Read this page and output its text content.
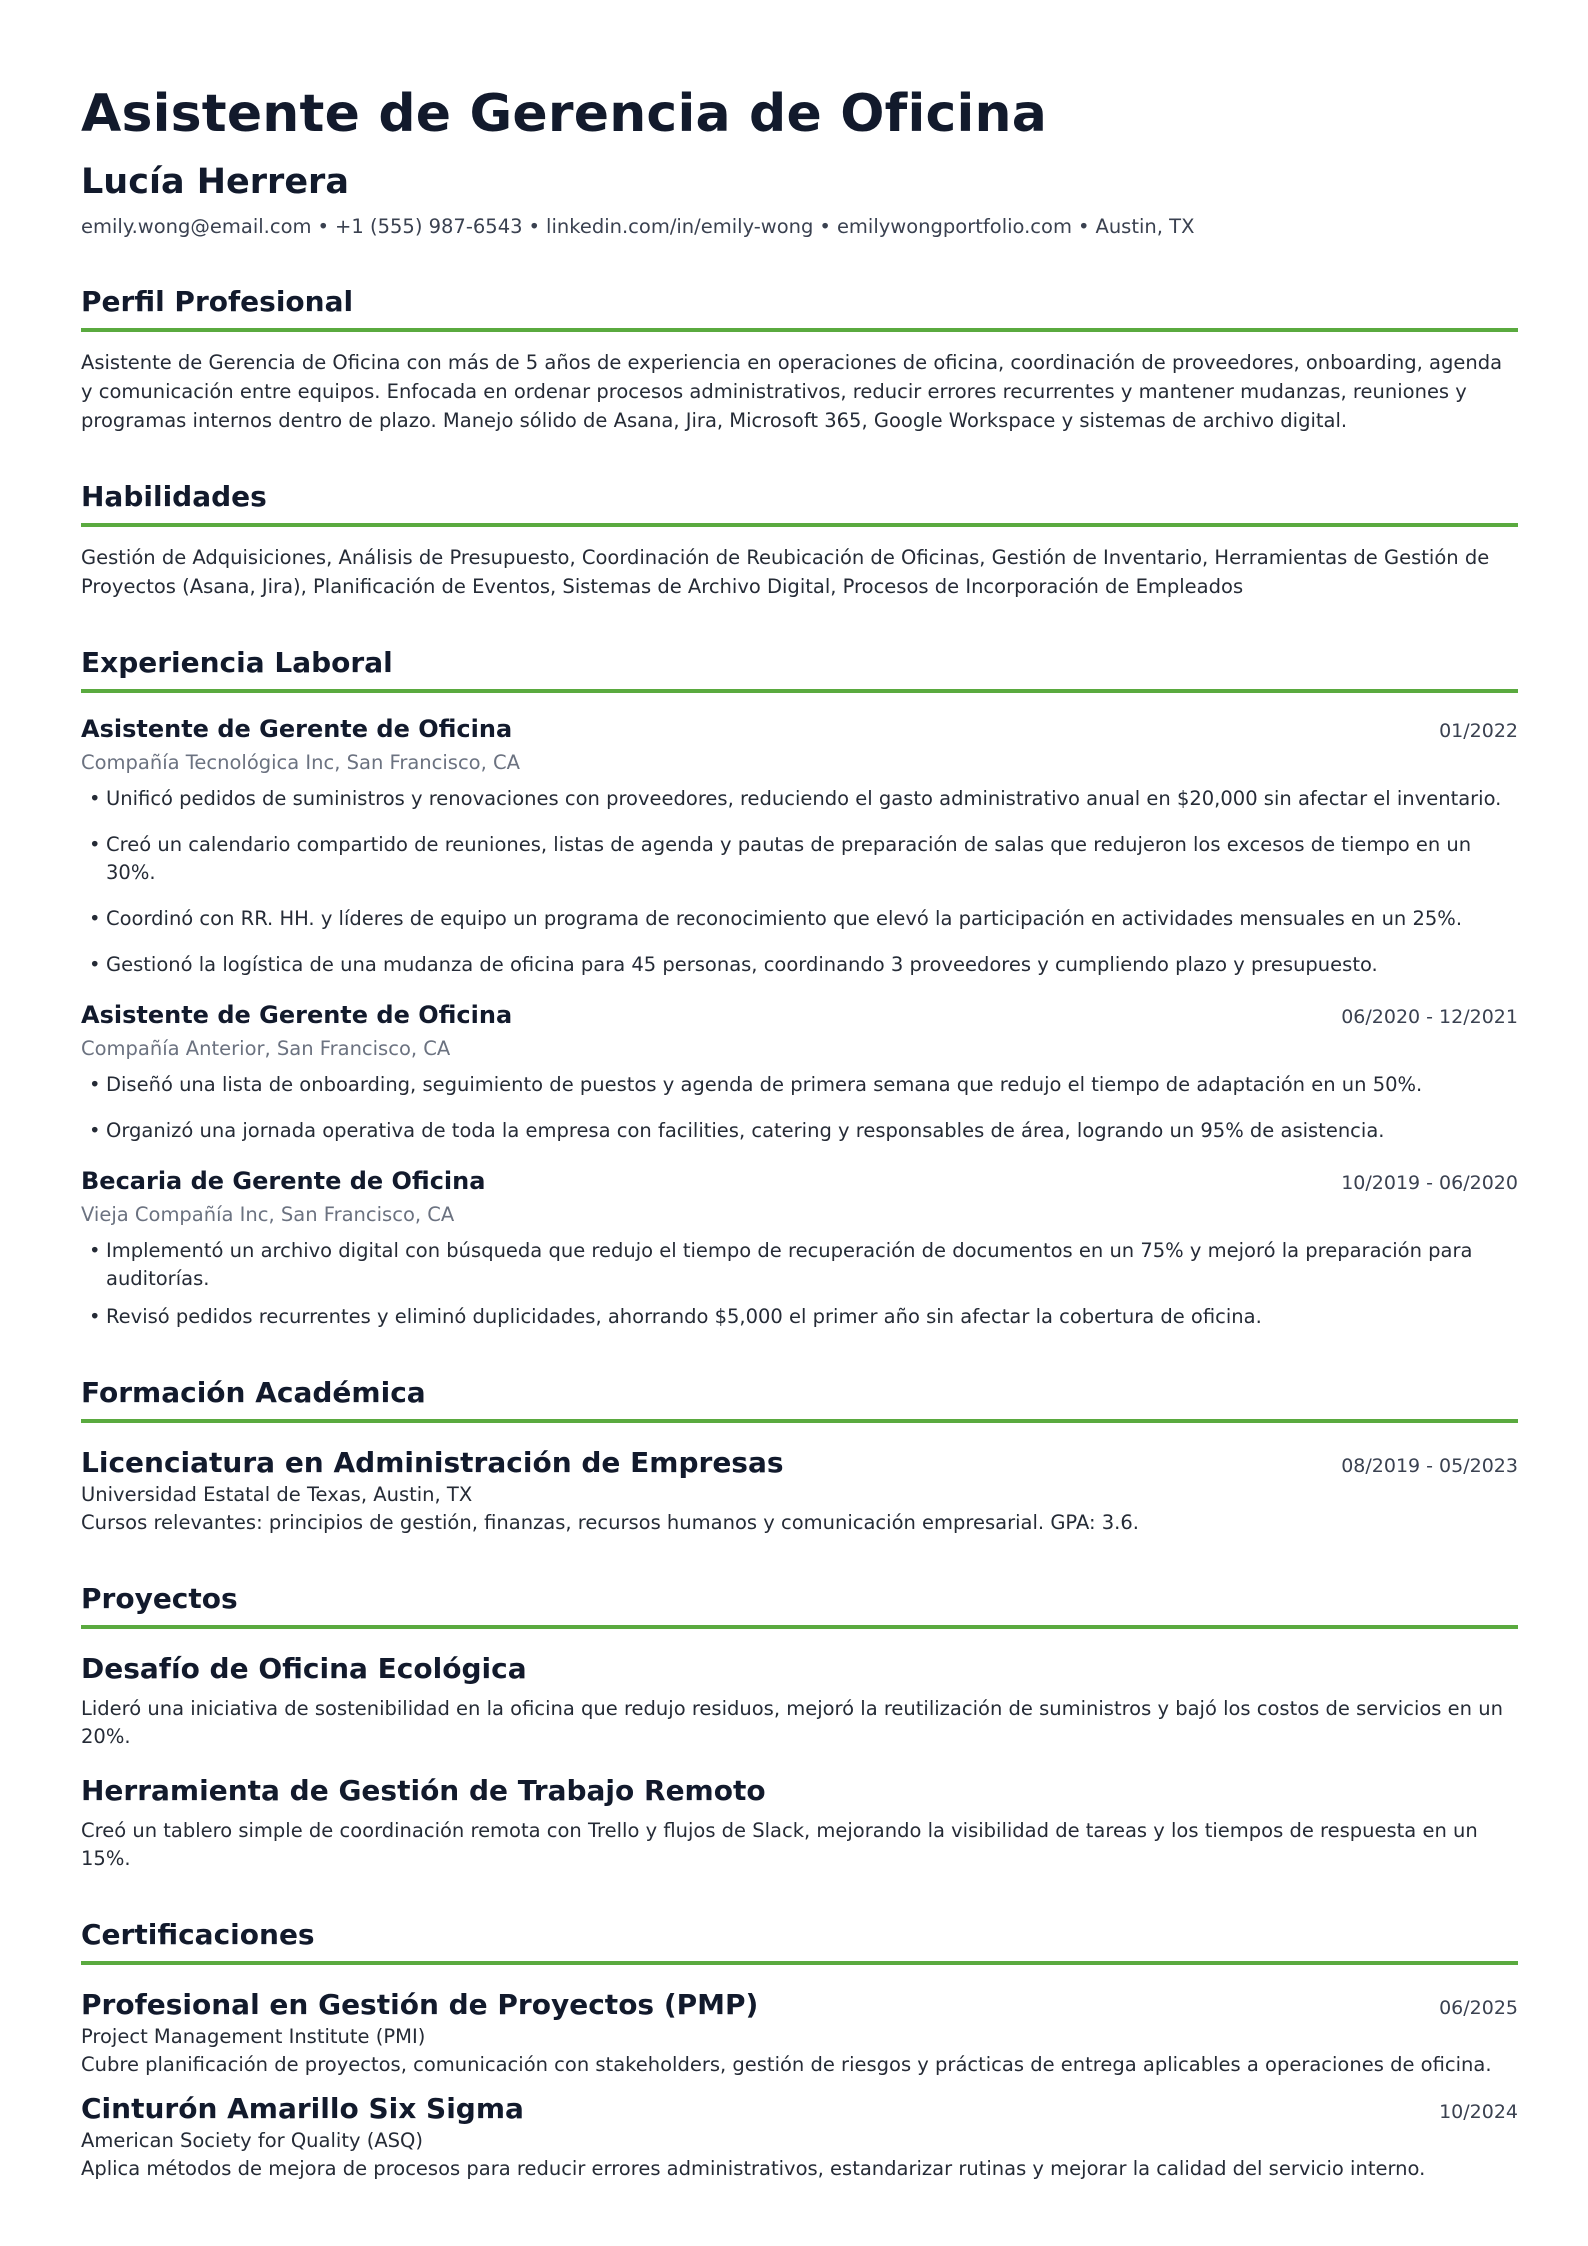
Asistente de Gerencia de Oficina
Lucía Herrera
emily.wong@email.com • +1 (555) 987-6543 • linkedin.com/in/emily-wong • emilywongportfolio.com • Austin, TX
Perfil Profesional
Asistente de Gerencia de Oficina con más de 5 años de experiencia en operaciones de oficina, coordinación de proveedores, onboarding, agenda y comunicación entre equipos. Enfocada en ordenar procesos administrativos, reducir errores recurrentes y mantener mudanzas, reuniones y programas internos dentro de plazo. Manejo sólido de Asana, Jira, Microsoft 365, Google Workspace y sistemas de archivo digital.
Habilidades
Gestión de Adquisiciones, Análisis de Presupuesto, Coordinación de Reubicación de Oficinas, Gestión de Inventario, Herramientas de Gestión de Proyectos (Asana, Jira), Planificación de Eventos, Sistemas de Archivo Digital, Procesos de Incorporación de Empleados
Experiencia Laboral
Asistente de Gerente de Oficina	01/2022
Compañía Tecnológica Inc, San Francisco, CA
• Unificó pedidos de suministros y renovaciones con proveedores, reduciendo el gasto administrativo anual en $20,000 sin afectar el inventario.
• Creó un calendario compartido de reuniones, listas de agenda y pautas de preparación de salas que redujeron los excesos de tiempo en un 30%.
• Coordinó con RR. HH. y líderes de equipo un programa de reconocimiento que elevó la participación en actividades mensuales en un 25%.
• Gestionó la logística de una mudanza de oficina para 45 personas, coordinando 3 proveedores y cumpliendo plazo y presupuesto.
Asistente de Gerente de Oficina	06/2020 - 12/2021
Compañía Anterior, San Francisco, CA
• Diseñó una lista de onboarding, seguimiento de puestos y agenda de primera semana que redujo el tiempo de adaptación en un 50%.
• Organizó una jornada operativa de toda la empresa con facilities, catering y responsables de área, logrando un 95% de asistencia.
Becaria de Gerente de Oficina	10/2019 - 06/2020
Vieja Compañía Inc, San Francisco, CA
• Implementó un archivo digital con búsqueda que redujo el tiempo de recuperación de documentos en un 75% y mejoró la preparación para auditorías.
• Revisó pedidos recurrentes y eliminó duplicidades, ahorrando $5,000 el primer año sin afectar la cobertura de oficina.
Formación Académica
Licenciatura en Administración de Empresas	08/2019 - 05/2023
Universidad Estatal de Texas, Austin, TX
Cursos relevantes: principios de gestión, finanzas, recursos humanos y comunicación empresarial. GPA: 3.6.
Proyectos
Desafío de Oficina Ecológica
Lideró una iniciativa de sostenibilidad en la oficina que redujo residuos, mejoró la reutilización de suministros y bajó los costos de servicios en un 20%.
Herramienta de Gestión de Trabajo Remoto
Creó un tablero simple de coordinación remota con Trello y flujos de Slack, mejorando la visibilidad de tareas y los tiempos de respuesta en un 15%.
Certificaciones
Profesional en Gestión de Proyectos (PMP)	06/2025
Project Management Institute (PMI)
Cubre planificación de proyectos, comunicación con stakeholders, gestión de riesgos y prácticas de entrega aplicables a operaciones de oficina.
Cinturón Amarillo Six Sigma	10/2024
American Society for Quality (ASQ)
Aplica métodos de mejora de procesos para reducir errores administrativos, estandarizar rutinas y mejorar la calidad del servicio interno.
